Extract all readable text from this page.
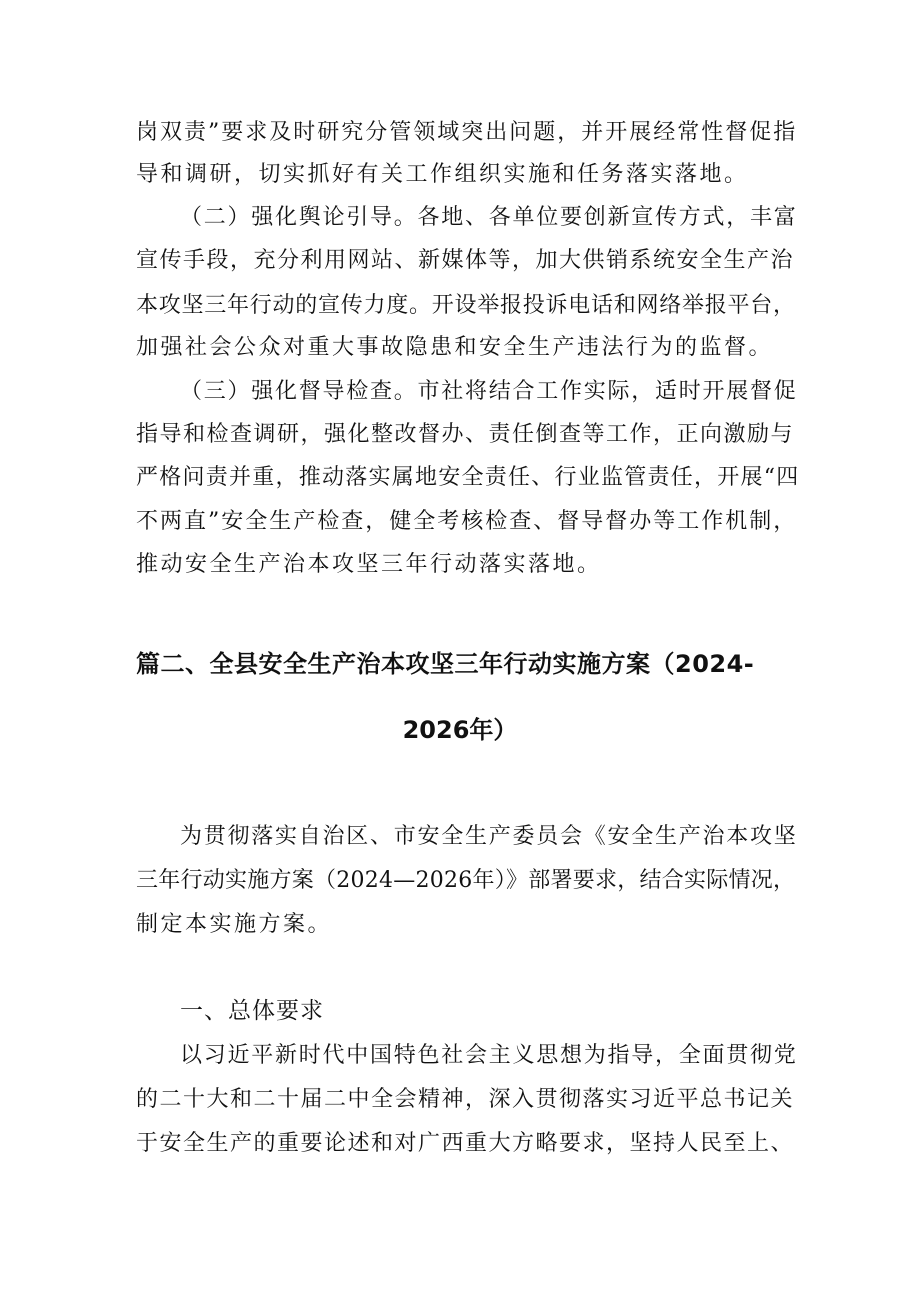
岗双责”要求及时研究分管领域突出问题，并开展经常性督促指
导和调研，切实抓好有关工作组织实施和任务落实落地。
（二）强化舆论引导。各地、各单位要创新宣传方式，丰富
宣传手段，充分利用网站、新媒体等，加大供销系统安全生产治
本攻坚三年行动的宣传力度。开设举报投诉电话和网络举报平台，
加强社会公众对重大事故隐患和安全生产违法行为的监督。
（三）强化督导检查。市社将结合工作实际，适时开展督促
指导和检查调研，强化整改督办、责任倒查等工作，正向激励与
严格问责并重，推动落实属地安全责任、行业监管责任，开展“四
不两直”安全生产检查，健全考核检查、督导督办等工作机制，
推动安全生产治本攻坚三年行动落实落地。
篇二、全县安全生产治本攻坚三年行动实施方案（2024-
2026年）
为贯彻落实自治区、市安全生产委员会《安全生产治本攻坚
三年行动实施方案（2024—2026年）》部署要求，结合实际情况，
制定本实施方案。
一、总体要求
以习近平新时代中国特色社会主义思想为指导，全面贯彻党
的二十大和二十届二中全会精神，深入贯彻落实习近平总书记关
于安全生产的重要论述和对广西重大方略要求，坚持人民至上、
